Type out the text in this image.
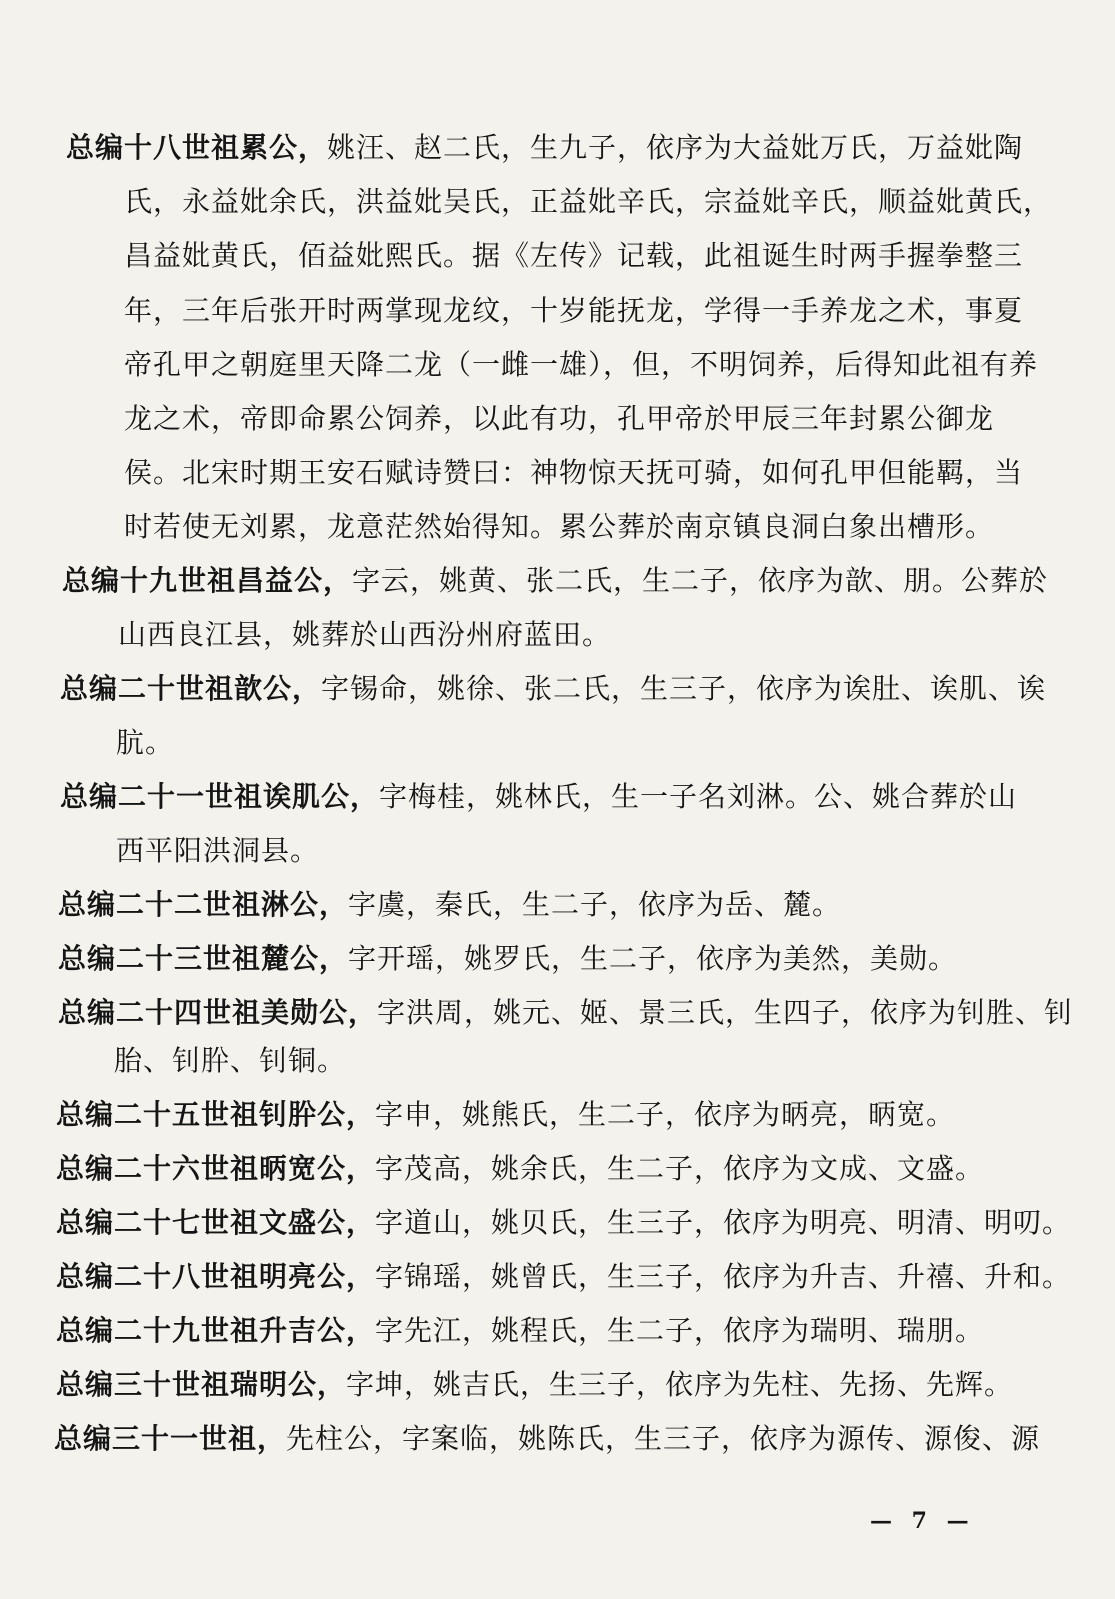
总编十八世祖累公，姚汪、赵二氏，生九子，依序为大益妣万氏，万益妣陶
氏，永益妣余氏，洪益妣吴氏，正益妣辛氏，宗益妣辛氏，顺益妣黄氏，
昌益妣黄氏，佰益妣熙氏。据《左传》记载，此祖诞生时两手握拳整三
年，三年后张开时两掌现龙纹，十岁能抚龙，学得一手养龙之术，事夏
帝孔甲之朝庭里天降二龙（一雌一雄），但，不明饲养，后得知此祖有养
龙之术，帝即命累公饲养，以此有功，孔甲帝於甲辰三年封累公御龙
侯。北宋时期王安石赋诗赞曰：神物惊天抚可骑，如何孔甲但能羁，当
时若使无刘累，龙意茫然始得知。累公葬於南京镇良洞白象出槽形。
总编十九世祖昌益公，字云，姚黄、张二氏，生二子，依序为歆、朋。公葬於
山西良江县，姚葬於山西汾州府蓝田。
总编二十世祖歆公，字锡命，姚徐、张二氏，生三子，依序为诶肚、诶肌、诶
肮。
总编二十一世祖诶肌公，字梅桂，姚林氏，生一子名刘淋。公、姚合葬於山
西平阳洪洞县。
总编二十二世祖淋公，字虞，秦氏，生二子，依序为岳、麓。
总编二十三世祖麓公，字开瑶，姚罗氏，生二子，依序为美然，美勋。
总编二十四世祖美勋公，字洪周，姚元、姬、景三氏，生四子，依序为钊胜、钊
胎、钊肸、钊铜。
总编二十五世祖钊肸公，字申，姚熊氏，生二子，依序为昞亮，昞宽。
总编二十六世祖昞宽公，字茂高，姚余氏，生二子，依序为文成、文盛。
总编二十七世祖文盛公，字道山，姚贝氏，生三子，依序为明亮、明清、明叨。
总编二十八世祖明亮公，字锦瑶，姚曾氏，生三子，依序为升吉、升禧、升和。
总编二十九世祖升吉公，字先江，姚程氏，生二子，依序为瑞明、瑞朋。
总编三十世祖瑞明公，字坤，姚吉氏，生三子，依序为先柱、先扬、先辉。
总编三十一世祖，先柱公，字案临，姚陈氏，生三子，依序为源传、源俊、源
— 7 —
